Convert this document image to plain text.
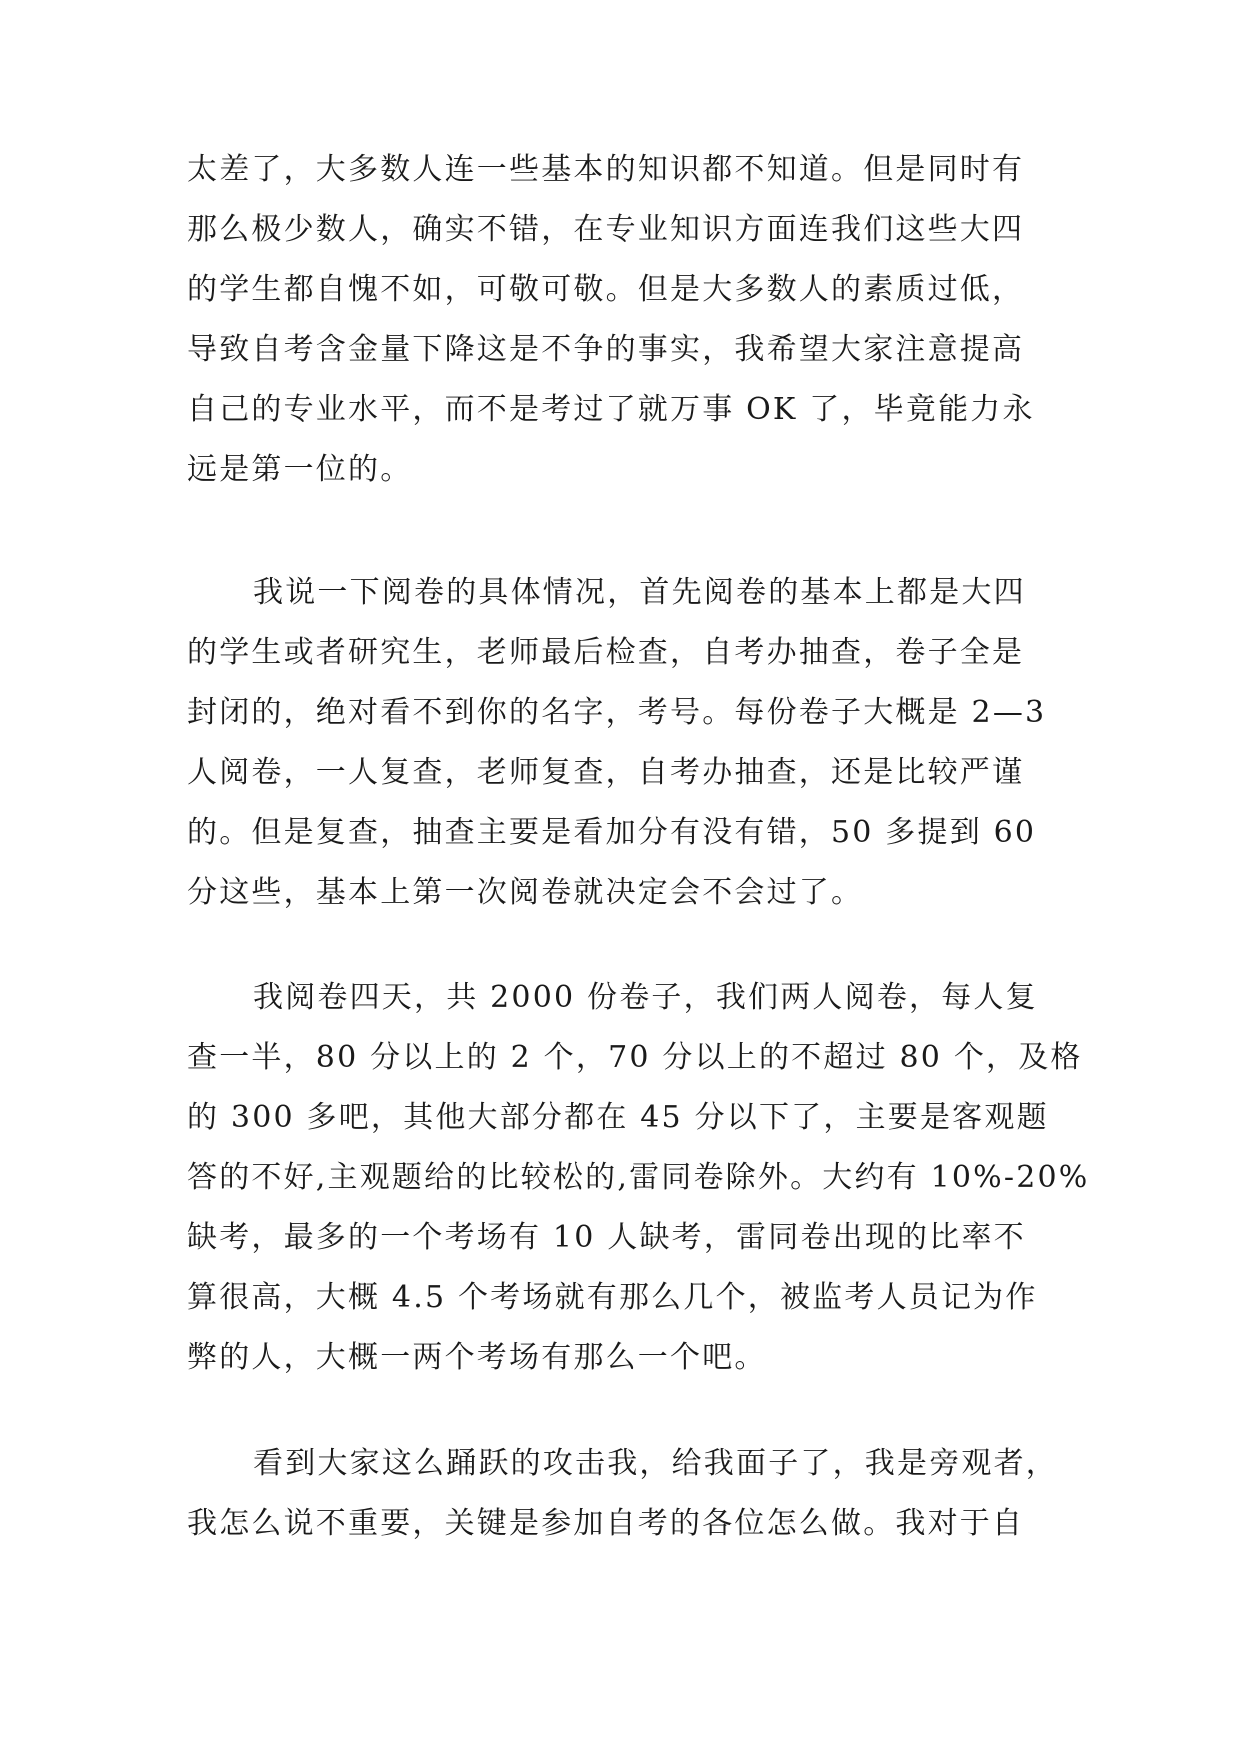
太差了，大多数人连一些基本的知识都不知道。但是同时有
那么极少数人，确实不错，在专业知识方面连我们这些大四
的学生都自愧不如，可敬可敬。但是大多数人的素质过低，
导致自考含金量下降这是不争的事实，我希望大家注意提高
自己的专业水平，而不是考过了就万事 OK 了，毕竟能力永
远是第一位的。
我说一下阅卷的具体情况，首先阅卷的基本上都是大四
的学生或者研究生，老师最后检查，自考办抽查，卷子全是
封闭的，绝对看不到你的名字，考号。每份卷子大概是 2—3
人阅卷，一人复查，老师复查，自考办抽查，还是比较严谨
的。但是复查，抽查主要是看加分有没有错，50 多提到 60
分这些，基本上第一次阅卷就决定会不会过了。
我阅卷四天，共 2000 份卷子，我们两人阅卷，每人复
查一半，80 分以上的 2 个，70 分以上的不超过 80 个，及格
的 300 多吧，其他大部分都在 45 分以下了，主要是客观题
答的不好,主观题给的比较松的,雷同卷除外。大约有 10%-20%
缺考，最多的一个考场有 10 人缺考，雷同卷出现的比率不
算很高，大概 4.5 个考场就有那么几个，被监考人员记为作
弊的人，大概一两个考场有那么一个吧。
看到大家这么踊跃的攻击我，给我面子了，我是旁观者，
我怎么说不重要，关键是参加自考的各位怎么做。我对于自
